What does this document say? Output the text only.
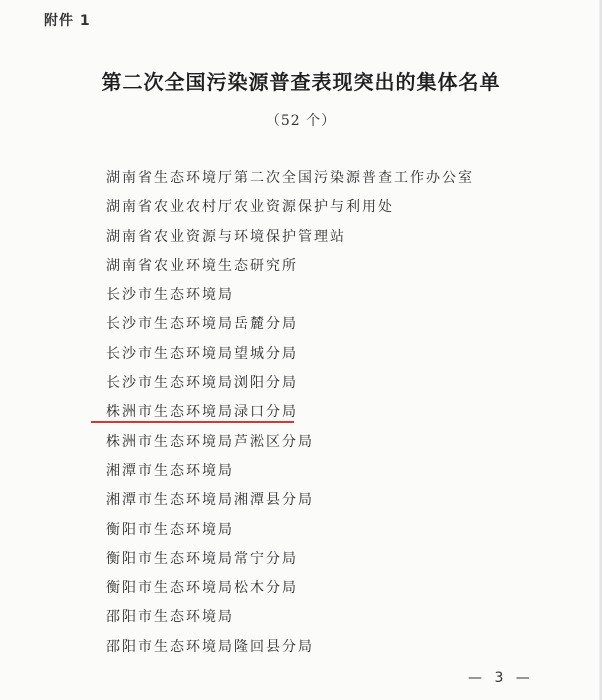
附件 1
第二次全国污染源普查表现突出的集体名单
（52 个）
湖南省生态环境厅第二次全国污染源普查工作办公室
湖南省农业农村厅农业资源保护与利用处
湖南省农业资源与环境保护管理站
湖南省农业环境生态研究所
长沙市生态环境局
长沙市生态环境局岳麓分局
长沙市生态环境局望城分局
长沙市生态环境局浏阳分局
株洲市生态环境局渌口分局
株洲市生态环境局芦淞区分局
湘潭市生态环境局
湘潭市生态环境局湘潭县分局
衡阳市生态环境局
衡阳市生态环境局常宁分局
衡阳市生态环境局松木分局
邵阳市生态环境局
邵阳市生态环境局隆回县分局
— 3 —
